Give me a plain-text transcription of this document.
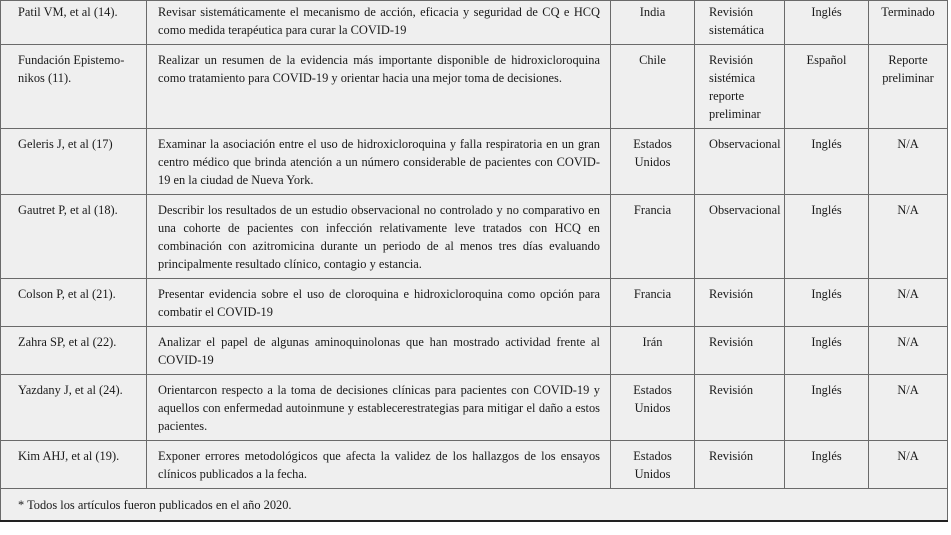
Patil VM, et al (14).	Revisar sistemáticamente el mecanismo de acción, eficacia y seguridad de CQ e HCQ como medida terapéutica para curar la COVID-19	India	Revisión sistemática	Inglés	Terminado
Fundación Epistemo-nikos (11).	Realizar un resumen de la evidencia más importante disponible de hidroxicloroquina como tratamiento para COVID-19 y orientar hacia una mejor toma de decisiones.	Chile	Revisión sistémica reporte preliminar	Español	Reporte preliminar
Geleris J, et al (17)	Examinar la asociación entre el uso de hidroxicloroquina y falla respiratoria en un gran centro médico que brinda atención a un número considerable de pacientes con COVID-19 en la ciudad de Nueva York.	Estados Unidos	Observacional	Inglés	N/A
Gautret P, et al (18).	Describir los resultados de un estudio observacional no controlado y no comparativo en una cohorte de pacientes con infección relativamente leve tratados con HCQ en combinación con azitromicina durante un periodo de al menos tres días evaluando principalmente resultado clínico, contagio y estancia.	Francia	Observacional	Inglés	N/A
Colson P, et al (21).	Presentar evidencia sobre el uso de cloroquina e hidroxicloroquina como opción para combatir el COVID-19	Francia	Revisión	Inglés	N/A
Zahra SP, et al (22).	Analizar el papel de algunas aminoquinolonas que han mostrado actividad frente al COVID-19	Irán	Revisión	Inglés	N/A
Yazdany J, et al (24).	Orientarcon respecto a la toma de decisiones clínicas para pacientes con COVID-19 y aquellos con enfermedad autoinmune y establecerestrategias para mitigar el daño a estos pacientes.	Estados Unidos	Revisión	Inglés	N/A
Kim AHJ, et al (19).	Exponer errores metodológicos que afecta la validez de los hallazgos de los ensayos clínicos publicados a la fecha.	Estados Unidos	Revisión	Inglés	N/A
* Todos los artículos fueron publicados en el año 2020.					
